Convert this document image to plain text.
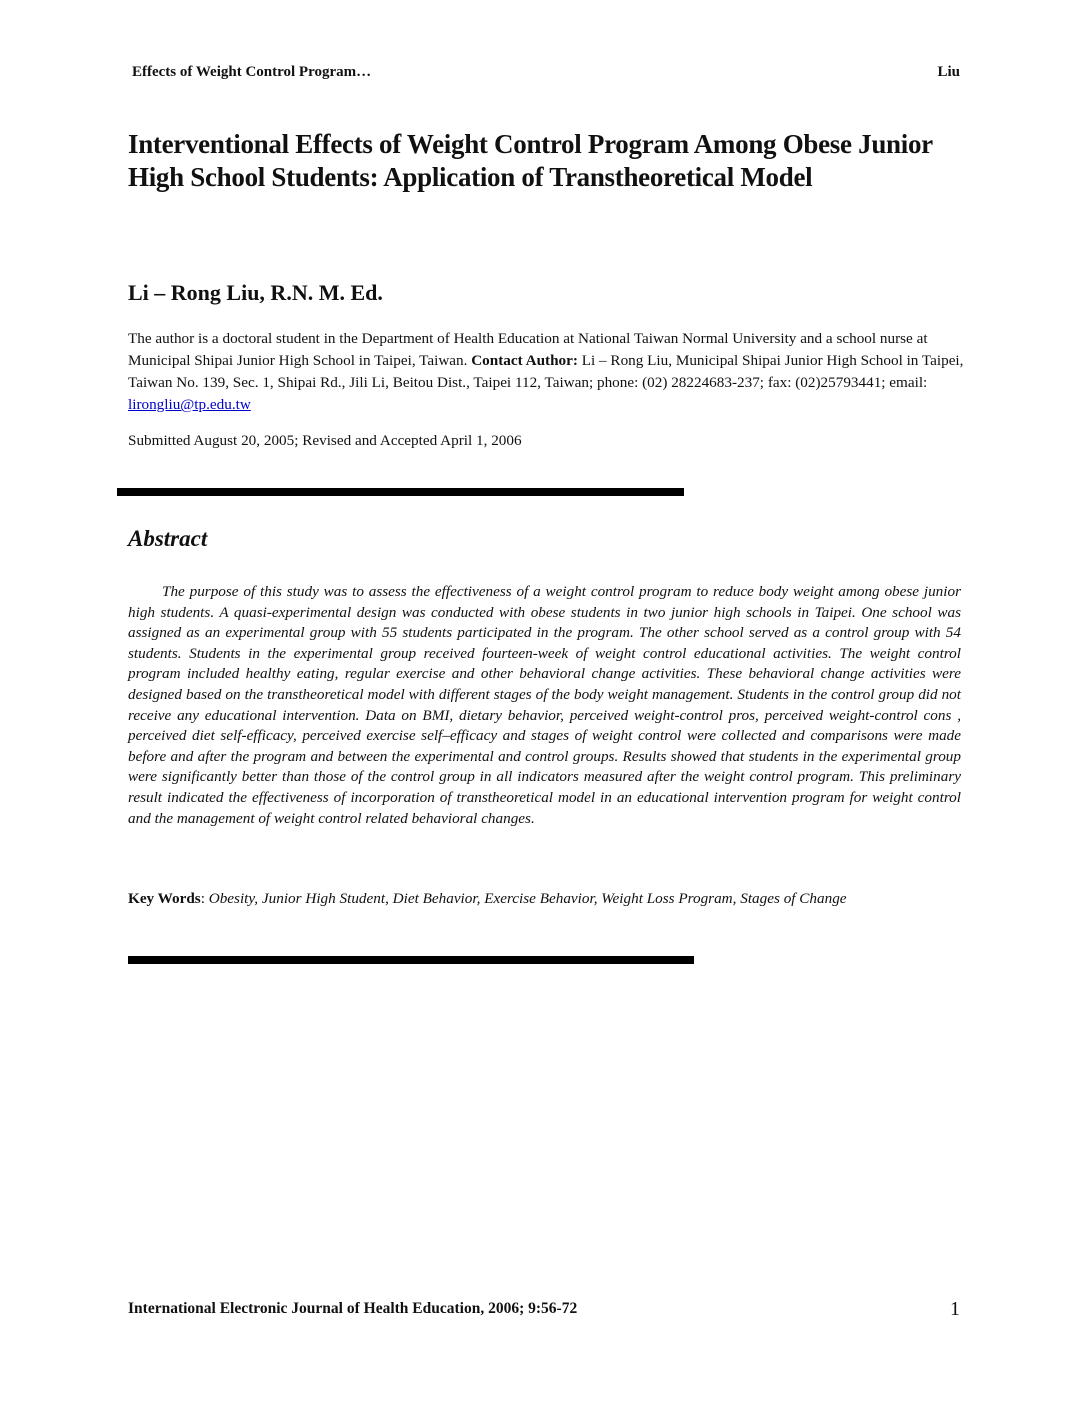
Effects of Weight Control Program…	Liu
Interventional Effects of Weight Control Program Among Obese Junior High School Students: Application of Transtheoretical Model
Li – Rong Liu, R.N. M. Ed.

The author is a doctoral student in the Department of Health Education at National Taiwan Normal University and a school nurse at Municipal Shipai Junior High School in Taipei, Taiwan. Contact Author: Li – Rong Liu, Municipal Shipai Junior High School in Taipei, Taiwan No. 139, Sec. 1, Shipai Rd., Jili Li, Beitou Dist., Taipei 112, Taiwan; phone: (02) 28224683-237; fax: (02)25793441; email: lirongliu@tp.edu.tw

Submitted August 20, 2005; Revised and Accepted April 1, 2006

Abstract

The purpose of this study was to assess the effectiveness of a weight control program to reduce body weight among obese junior high students. A quasi-experimental design was conducted with obese students in two junior high schools in Taipei. One school was assigned as an experimental group with 55 students participated in the program. The other school served as a control group with 54 students. Students in the experimental group received fourteen-week of weight control educational activities. The weight control program included healthy eating, regular exercise and other behavioral change activities. These behavioral change activities were designed based on the transtheoretical model with different stages of the body weight management. Students in the control group did not receive any educational intervention. Data on BMI, dietary behavior, perceived weight-control pros, perceived weight-control cons , perceived diet self-efficacy, perceived exercise self–efficacy and stages of weight control were collected and comparisons were made before and after the program and between the experimental and control groups. Results showed that students in the experimental group were significantly better than those of the control group in all indicators measured after the weight control program. This preliminary result indicated the effectiveness of incorporation of transtheoretical model in an educational intervention program for weight control and the management of weight control related behavioral changes.

Key Words: Obesity, Junior High Student, Diet Behavior, Exercise Behavior, Weight Loss Program, Stages of Change

International Electronic Journal of Health Education, 2006; 9:56-72	1
